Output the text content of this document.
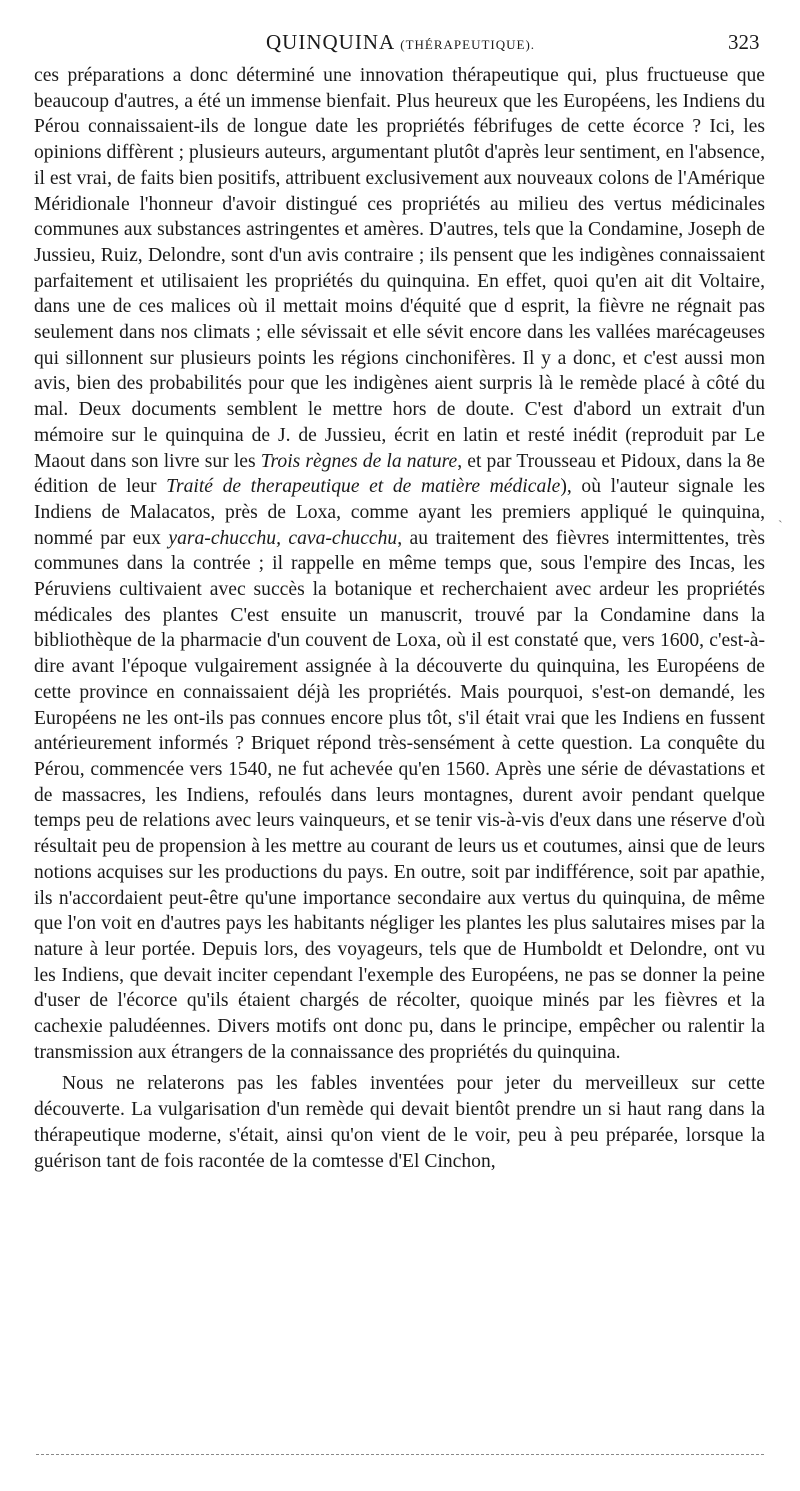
QUINQUINA (THÉRAPEUTIQUE).	323

ces préparations a donc déterminé une innovation thérapeutique qui, plus fructueuse que beaucoup d'autres, a été un immense bienfait. Plus heureux que les Européens, les Indiens du Pérou connaissaient-ils de longue date les propriétés fébrifuges de cette écorce ? Ici, les opinions diffèrent ; plusieurs auteurs, argumentant plutôt d'après leur sentiment, en l'absence, il est vrai, de faits bien positifs, attribuent exclusivement aux nouveaux colons de l'Amérique Méridionale l'honneur d'avoir distingué ces propriétés au milieu des vertus médicinales communes aux substances astringentes et amères. D'autres, tels que la Condamine, Joseph de Jussieu, Ruiz, Delondre, sont d'un avis contraire ; ils pensent que les indigènes connaissaient parfaitement et utilisaient les propriétés du quinquina. En effet, quoi qu'en ait dit Voltaire, dans une de ces malices où il mettait moins d'équité que d esprit, la fièvre ne régnait pas seulement dans nos climats ; elle sévissait et elle sévit encore dans les vallées marécageuses qui sillonnent sur plusieurs points les régions cinchonifères. Il y a donc, et c'est aussi mon avis, bien des probabilités pour que les indigènes aient surpris là le remède placé à côté du mal. Deux documents semblent le mettre hors de doute. C'est d'abord un extrait d'un mémoire sur le quinquina de J. de Jussieu, écrit en latin et resté inédit (reproduit par Le Maout dans son livre sur les Trois règnes de la nature, et par Trousseau et Pidoux, dans la 8e édition de leur Traité de therapeutique et de matière médicale), où l'auteur signale les Indiens de Malacatos, près de Loxa, comme ayant les premiers appliqué le quinquina, nommé par eux yara-chucchu, cava-chucchu, au traitement des fièvres intermittentes, très communes dans la contrée ; il rappelle en même temps que, sous l'empire des Incas, les Péruviens cultivaient avec succès la botanique et recherchaient avec ardeur les propriétés médicales des plantes C'est ensuite un manuscrit, trouvé par la Condamine dans la bibliothèque de la pharmacie d'un couvent de Loxa, où il est constaté que, vers 1600, c'est-à-dire avant l'époque vulgairement assignée à la découverte du quinquina, les Européens de cette province en connaissaient déjà les propriétés. Mais pourquoi, s'est-on demandé, les Européens ne les ont-ils pas connues encore plus tôt, s'il était vrai que les Indiens en fussent antérieurement informés ? Briquet répond très-sensément à cette question. La conquête du Pérou, commencée vers 1540, ne fut achevée qu'en 1560. Après une série de dévastations et de massacres, les Indiens, refoulés dans leurs montagnes, durent avoir pendant quelque temps peu de relations avec leurs vainqueurs, et se tenir vis-à-vis d'eux dans une réserve d'où résultait peu de propension à les mettre au courant de leurs us et coutumes, ainsi que de leurs notions acquises sur les productions du pays. En outre, soit par indifférence, soit par apathie, ils n'accordaient peut-être qu'une importance secondaire aux vertus du quinquina, de même que l'on voit en d'autres pays les habitants négliger les plantes les plus salutaires mises par la nature à leur portée. Depuis lors, des voyageurs, tels que de Humboldt et Delondre, ont vu les Indiens, que devait inciter cependant l'exemple des Européens, ne pas se donner la peine d'user de l'écorce qu'ils étaient chargés de récolter, quoique minés par les fièvres et la cachexie paludéennes. Divers motifs ont donc pu, dans le principe, empêcher ou ralentir la transmission aux étrangers de la connaissance des propriétés du quinquina.

Nous ne relaterons pas les fables inventées pour jeter du merveilleux sur cette découverte. La vulgarisation d'un remède qui devait bientôt prendre un si haut rang dans la thérapeutique moderne, s'était, ainsi qu'on vient de le voir, peu à peu préparée, lorsque la guérison tant de fois racontée de la comtesse d'El Cinchon,

ˋ
